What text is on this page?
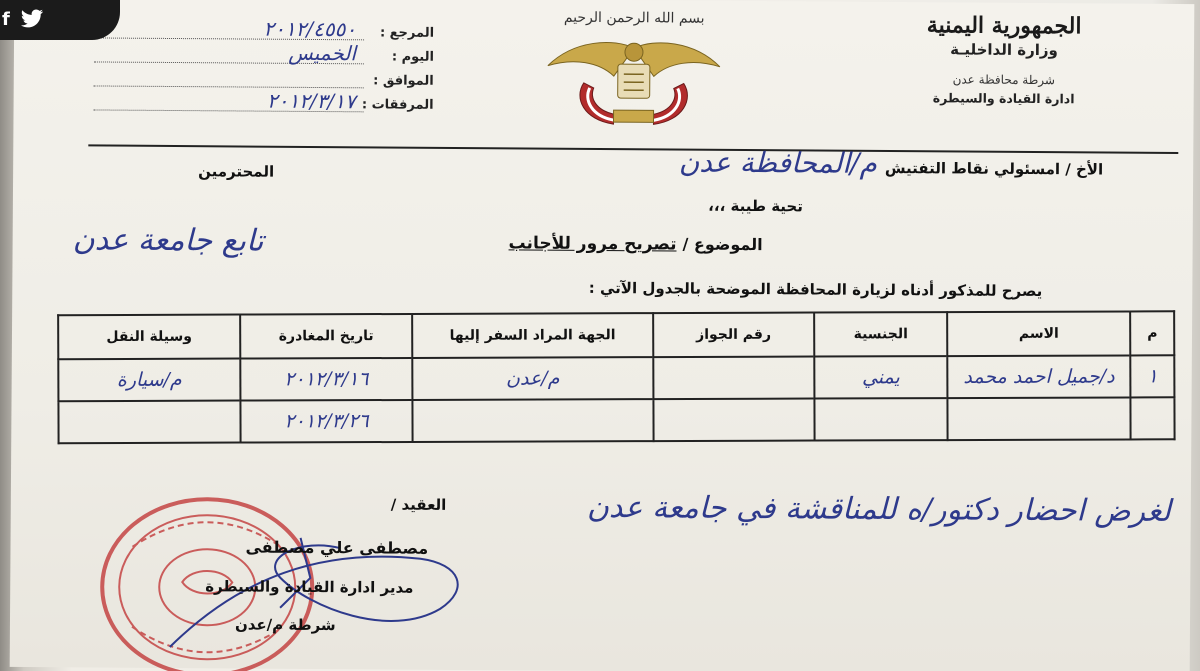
الجمهورية اليمنية
وزارة الداخليـة
شرطة محافظة عدن
ادارة القيادة والسيطرة
بسم الله الرحمن الرحيم
المرجع :
٢٠١٢/٤٥٥٠
اليوم :
الخميس
الموافق :
المرفقات :
٢٠١٢/٣/١٧
الأخ / امسئولي نقاط التفتيش
م/المحافظة عدن
المحترمين
تحية طيبة ،،،
الموضوع /
تصريح مرور للأجانب
تابع جامعة عدن
يصرح للمذكور أدناه لزيارة المحافظة الموضحة بالجدول الآتي :
م	الاسم	الجنسية	رقم الجواز	الجهة المراد السفر إليها	تاريخ المغادرة	وسيلة النقل
١	د/جميل احمد محمد	يمني		م/عدن	٢٠١٢/٣/١٦	م/سيارة
					٢٠١٢/٣/٢٦	
العقيد /
مصطفى علي مصطفى
مدير ادارة القيادة والسيطرة
شرطة م/عدن
لغرض احضار دكتور/ه للمناقشة في جامعة عدن
f
